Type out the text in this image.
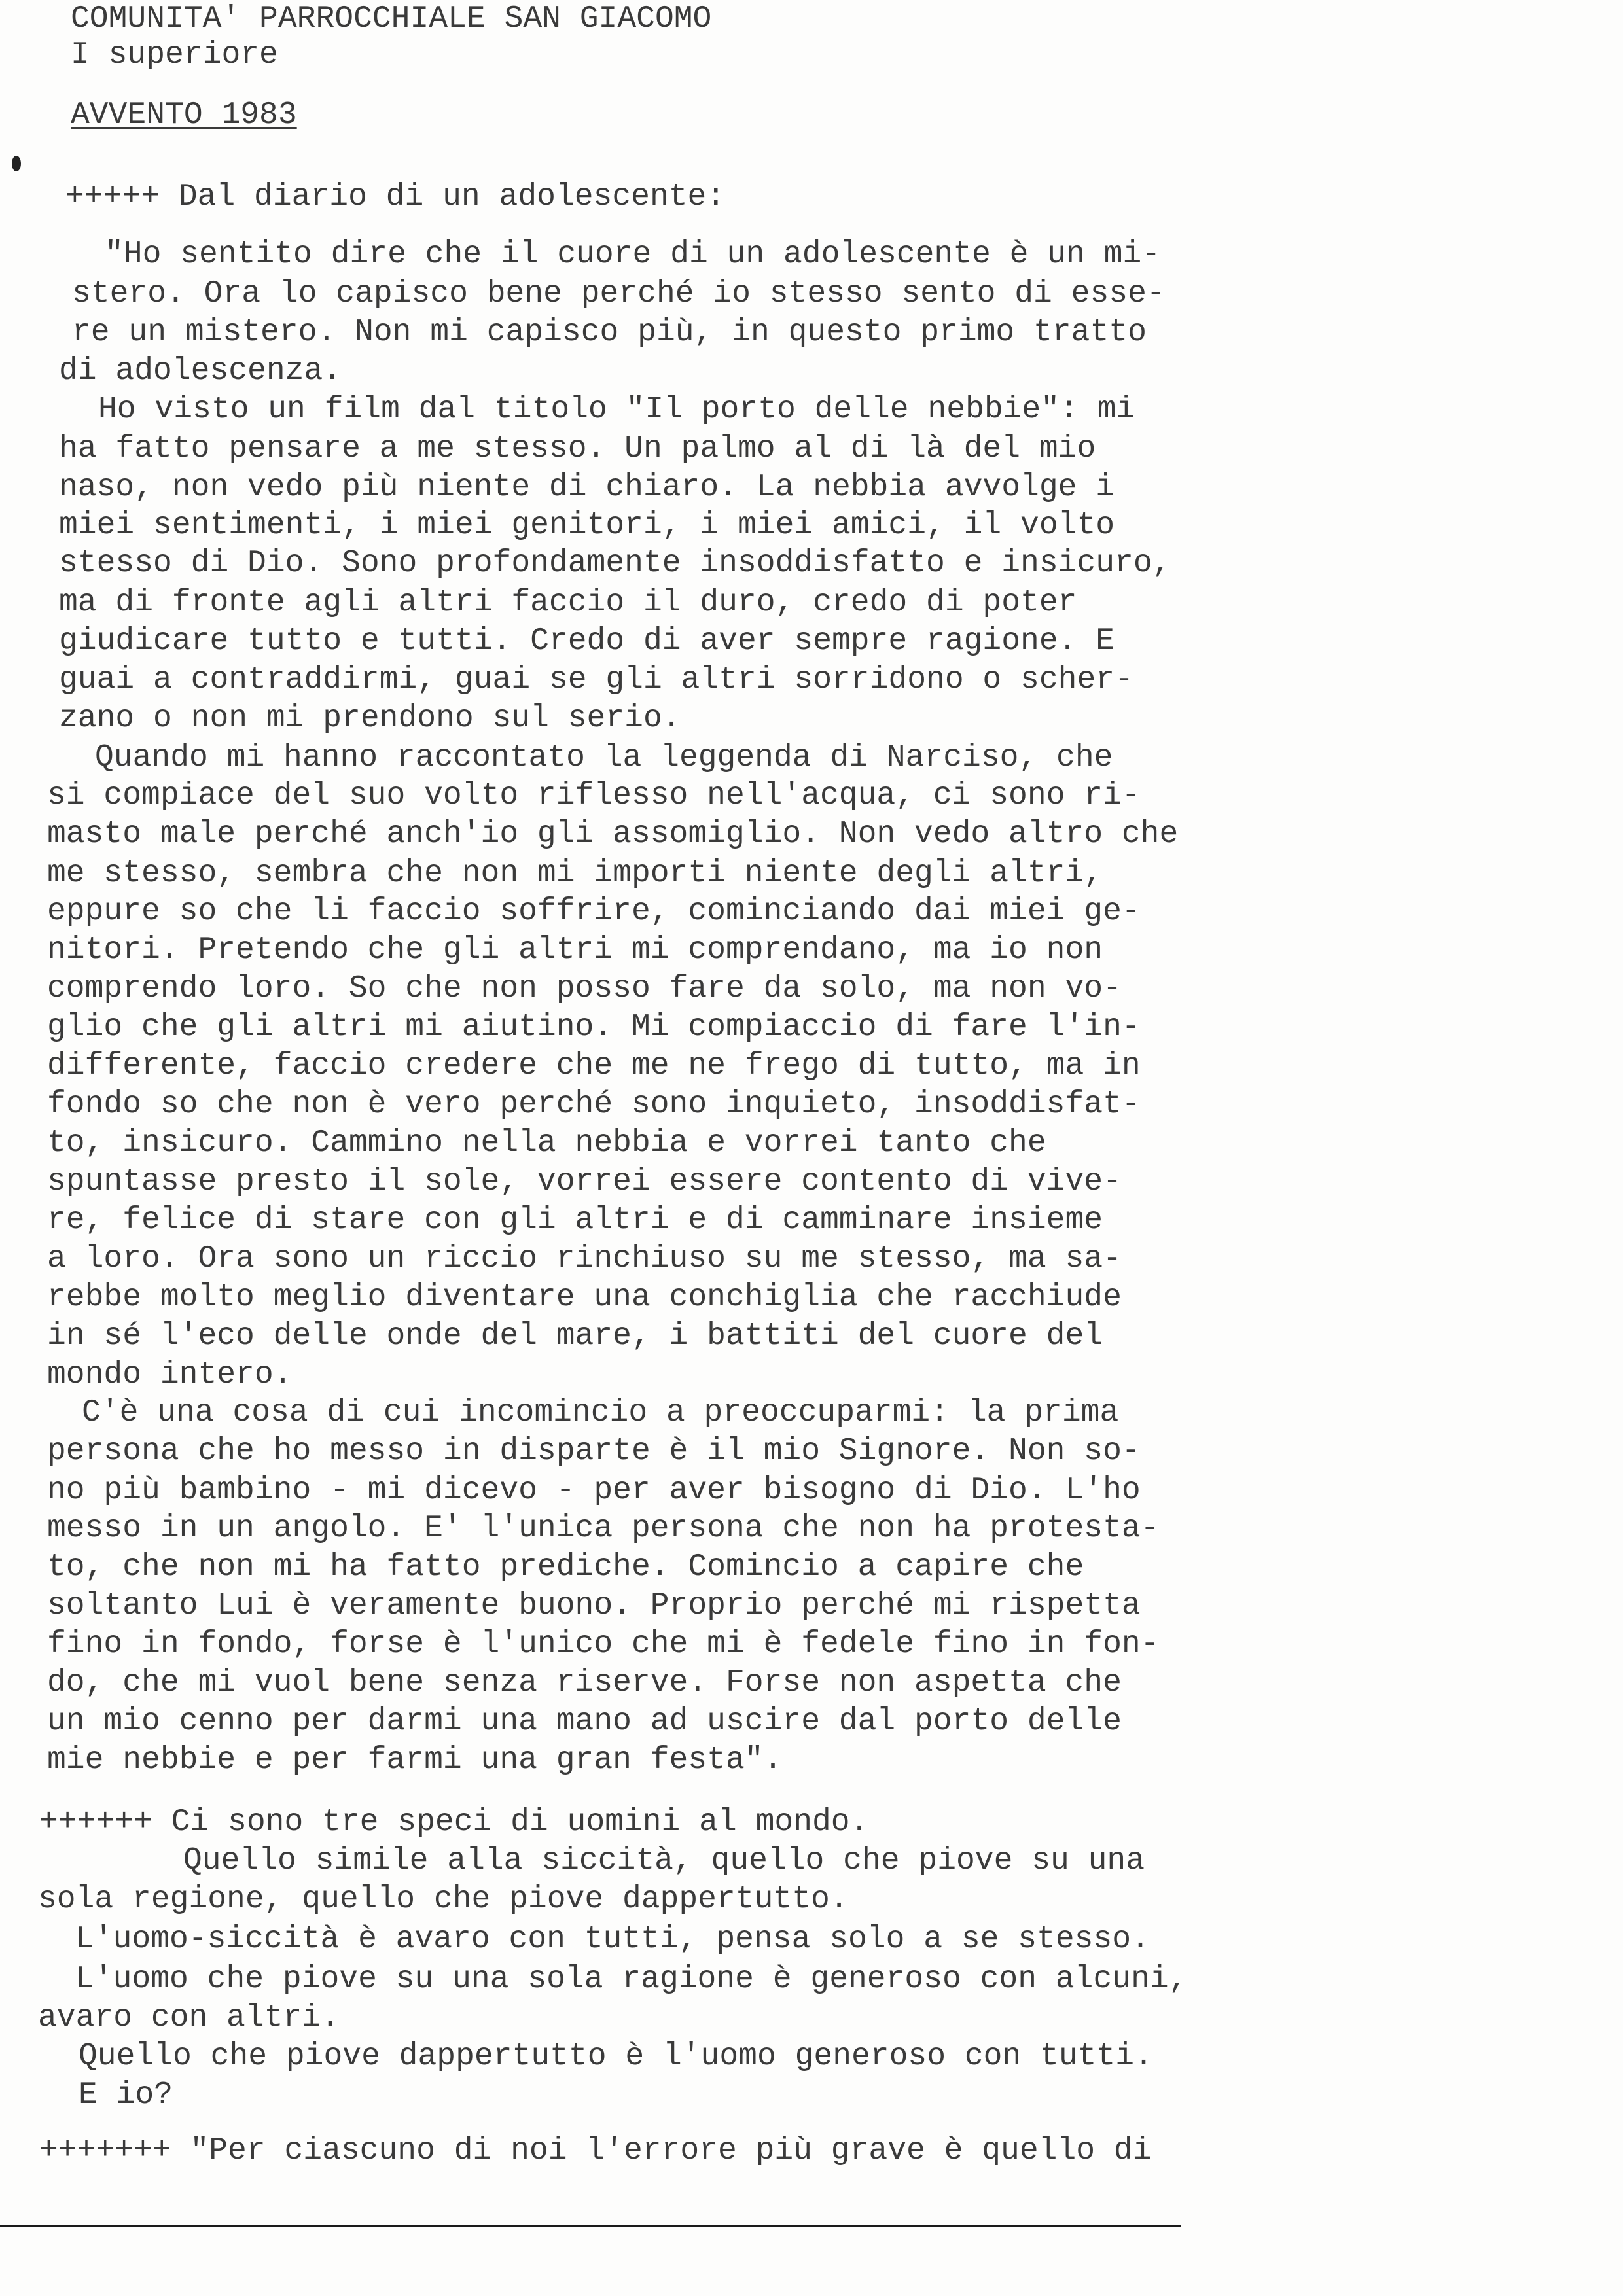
COMUNITA' PARROCCHIALE SAN GIACOMO

I superiore

AVVENTO 1983

+++++ Dal diario di un adolescente:

"Ho sentito dire che il cuore di un adolescente è un mi-

stero. Ora lo capisco bene perché io stesso sento di esse-

re un mistero. Non mi capisco più, in questo primo tratto

di adolescenza.

Ho visto un film dal titolo "Il porto delle nebbie": mi

ha fatto pensare a me stesso. Un palmo al di là del mio

naso, non vedo più niente di chiaro. La nebbia avvolge i

miei sentimenti, i miei genitori, i miei amici, il volto

stesso di Dio. Sono profondamente insoddisfatto e insicuro,

ma di fronte agli altri faccio il duro, credo di poter

giudicare tutto e tutti. Credo di aver sempre ragione. E

guai a contraddirmi, guai se gli altri sorridono o scher-

zano o non mi prendono sul serio.

Quando mi hanno raccontato la leggenda di Narciso, che

si compiace del suo volto riflesso nell'acqua, ci sono ri-

masto male perché anch'io gli assomiglio. Non vedo altro che

me stesso, sembra che non mi importi niente degli altri,

eppure so che li faccio soffrire, cominciando dai miei ge-

nitori. Pretendo che gli altri mi comprendano, ma io non

comprendo loro. So che non posso fare da solo, ma non vo-

glio che gli altri mi aiutino. Mi compiaccio di fare l'in-

differente, faccio credere che me ne frego di tutto, ma in

fondo so che non è vero perché sono inquieto, insoddisfat-

to, insicuro. Cammino nella nebbia e vorrei tanto che

spuntasse presto il sole, vorrei essere contento di vive-

re, felice di stare con gli altri e di camminare insieme

a loro. Ora sono un riccio rinchiuso su me stesso, ma sa-

rebbe molto meglio diventare una conchiglia che racchiude

in sé l'eco delle onde del mare, i battiti del cuore del

mondo intero.

C'è una cosa di cui incomincio a preoccuparmi: la prima

persona che ho messo in disparte è il mio Signore. Non so-

no più bambino - mi dicevo - per aver bisogno di Dio. L'ho

messo in un angolo. E' l'unica persona che non ha protesta-

to, che non mi ha fatto prediche. Comincio a capire che

soltanto Lui è veramente buono. Proprio perché mi rispetta

fino in fondo, forse è l'unico che mi è fedele fino in fon-

do, che mi vuol bene senza riserve. Forse non aspetta che

un mio cenno per darmi una mano ad uscire dal porto delle

mie nebbie e per farmi una gran festa".

++++++ Ci sono tre speci di uomini al mondo.

Quello simile alla siccità, quello che piove su una

sola regione, quello che piove dappertutto.

L'uomo-siccità è avaro con tutti, pensa solo a se stesso.

L'uomo che piove su una sola ragione è generoso con alcuni,

avaro con altri.

Quello che piove dappertutto è l'uomo generoso con tutti.

E io?

+++++++ "Per ciascuno di noi l'errore più grave è quello di
